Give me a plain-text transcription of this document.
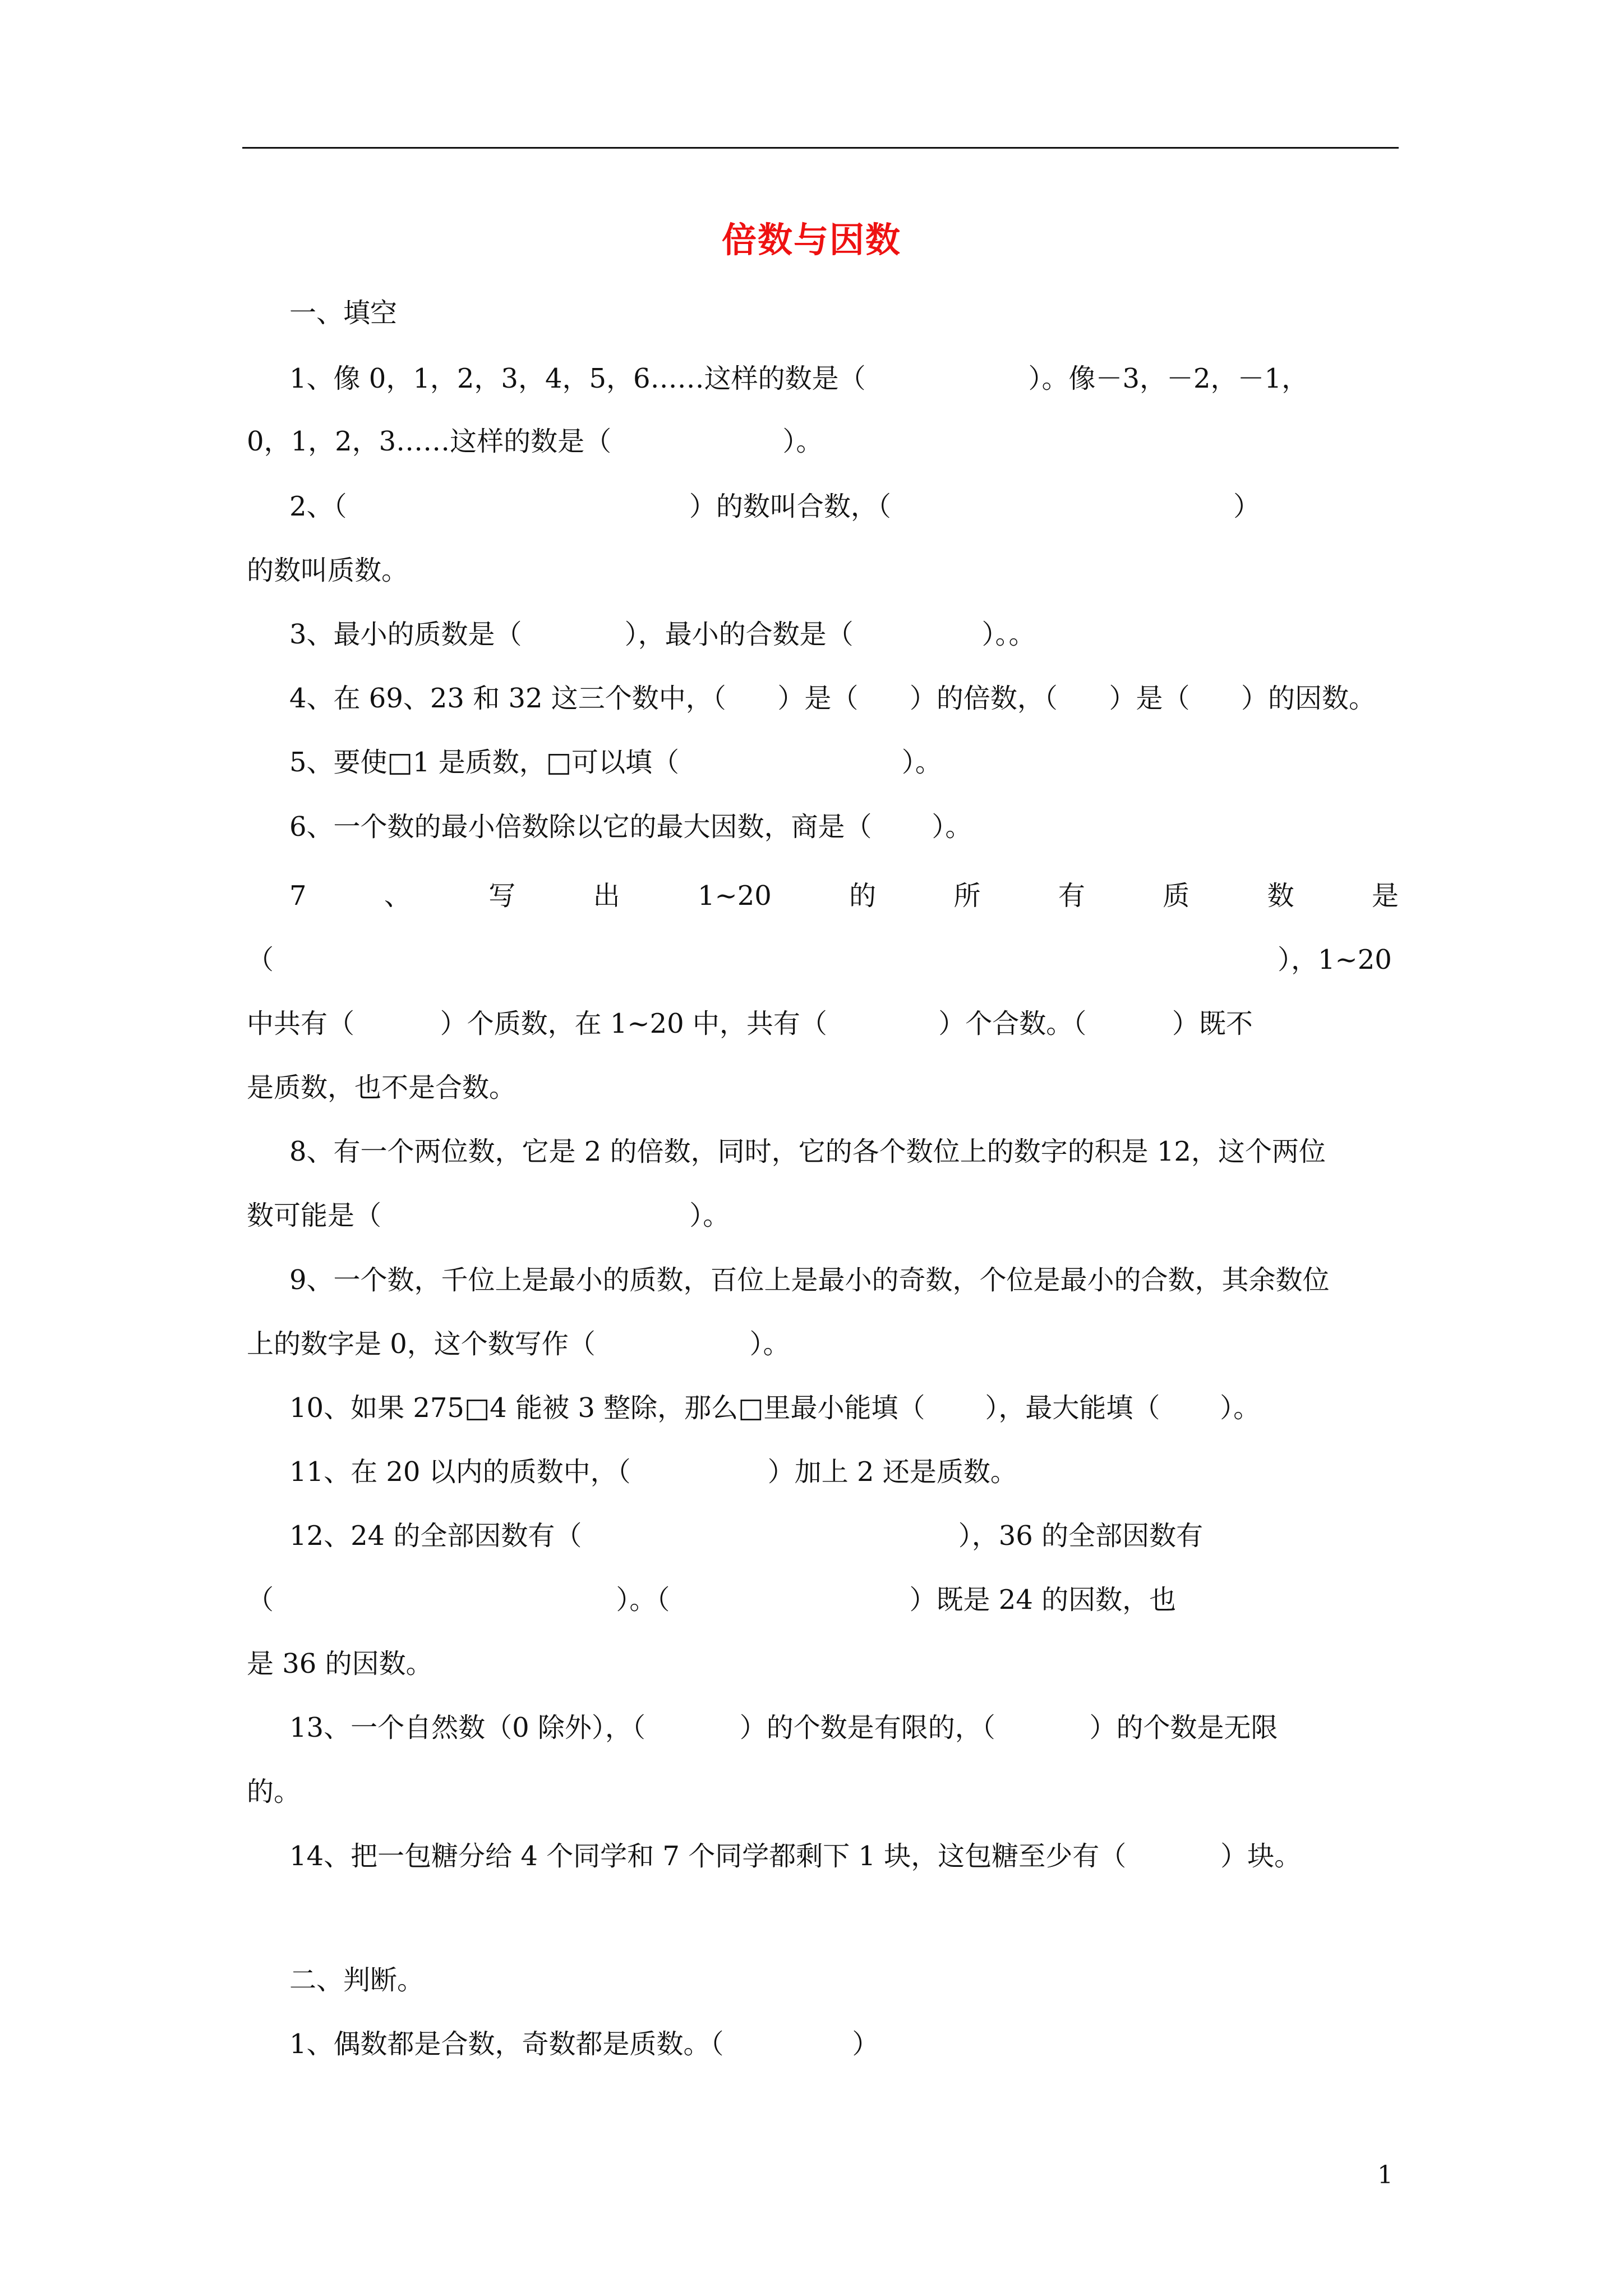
倍数与因数
一、填空
1、像 0，1，2，3，4，5，6……这样的数是（                   ）。像－3，－2，－1，
0，1，2，3……这样的数是（                    ）。
2、（                                        ）的数叫合数，（                                        ）
的数叫质数。
3、最小的质数是（            ），最小的合数是（               ）。。
4、在 69、23 和 32 这三个数中，（      ）是（      ）的倍数，（      ）是（      ）的因数。
5、要使□1 是质数，□可以填（                          ）。
6、一个数的最小倍数除以它的最大因数，商是（       ）。
7	、	写	出	1~20	的	所	有	质	数	是
（	），1~20
中共有（          ）个质数，在 1~20 中，共有（             ）个合数。（          ）既不
是质数，也不是合数。
8、有一个两位数，它是 2 的倍数，同时，它的各个数位上的数字的积是 12，这个两位
数可能是（                                    ）。
9、一个数，千位上是最小的质数，百位上是最小的奇数，个位是最小的合数，其余数位
上的数字是 0，这个数写作（                  ）。
10、如果 275□4 能被 3 整除，那么□里最小能填（       ），最大能填（       ）。
11、在 20 以内的质数中，（                ）加上 2 还是质数。
12、24 的全部因数有（                                            ），36 的全部因数有
（                                        ）。（                            ）既是 24 的因数，也
是 36 的因数。
13、一个自然数（0 除外），（           ）的个数是有限的，（           ）的个数是无限
的。
14、把一包糖分给 4 个同学和 7 个同学都剩下 1 块，这包糖至少有（           ）块。
二、判断。
1、偶数都是合数，奇数都是质数。（               ）
1
